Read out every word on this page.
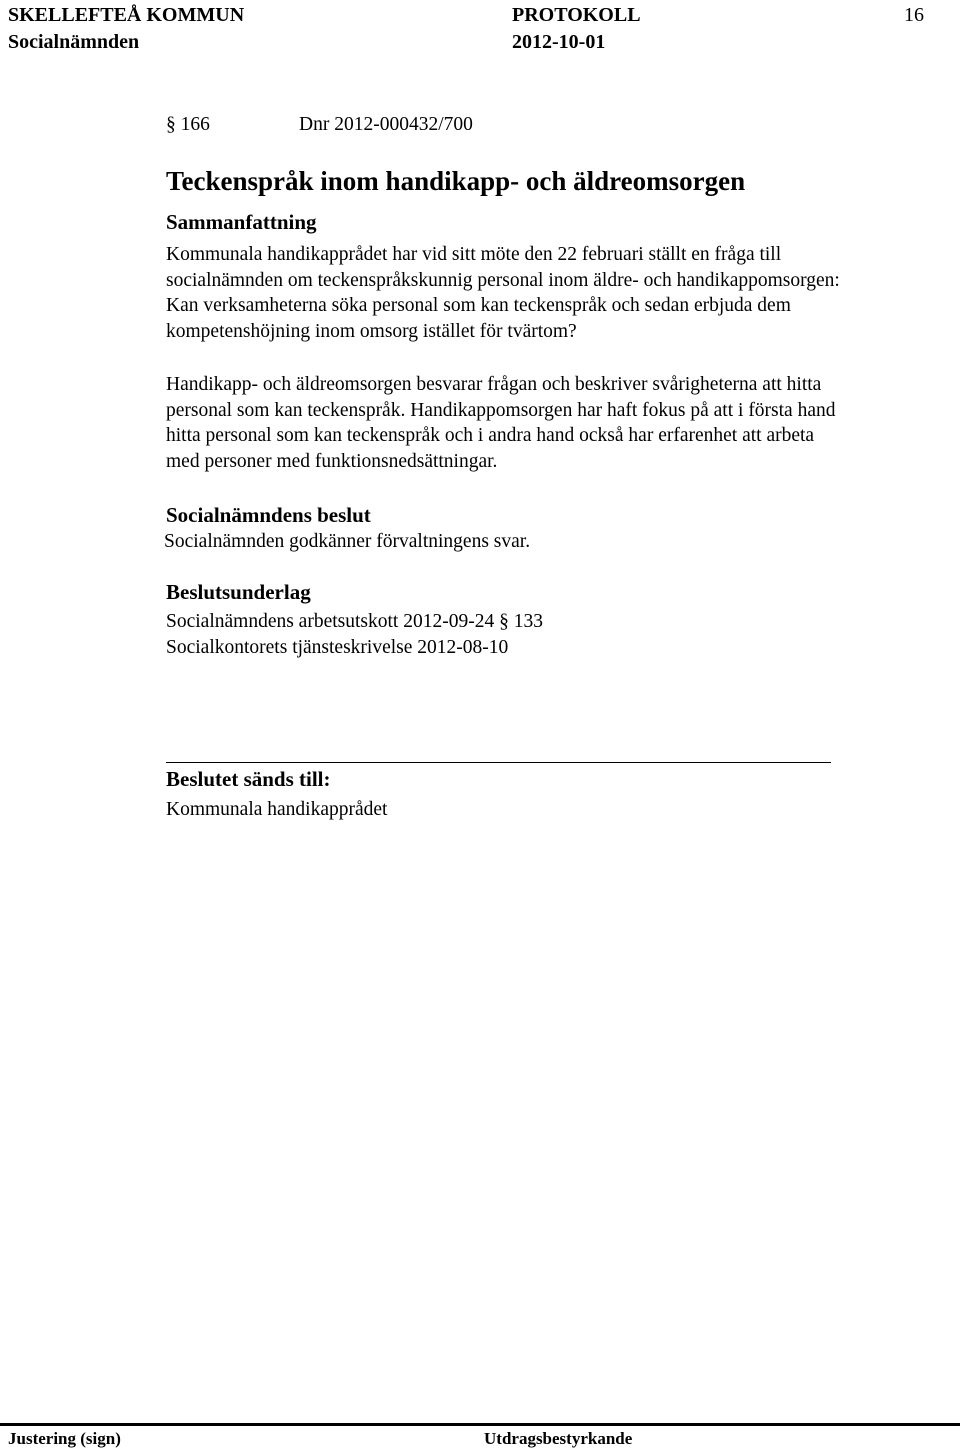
SKELLEFTEÅ KOMMUN	PROTOKOLL	16
Socialnämnden	2012-10-01
§ 166	Dnr 2012-000432/700
Teckenspråk inom handikapp- och äldreomsorgen
Sammanfattning
Kommunala handikapprådet har vid sitt möte den 22 februari ställt en fråga till
socialnämnden om teckenspråkskunnig personal inom äldre- och handikappomsorgen:
Kan verksamheterna söka personal som kan teckenspråk och sedan erbjuda dem
kompetenshöjning inom omsorg istället för tvärtom?
Handikapp- och äldreomsorgen besvarar frågan och beskriver svårigheterna att hitta
personal som kan teckenspråk. Handikappomsorgen har haft fokus på att i första hand
hitta personal som kan teckenspråk och i andra hand också har erfarenhet att arbeta
med personer med funktionsnedsättningar.
Socialnämndens beslut
Socialnämnden godkänner förvaltningens svar.
Beslutsunderlag
Socialnämndens arbetsutskott 2012-09-24 § 133
Socialkontorets tjänsteskrivelse 2012-08-10
Beslutet sänds till:
Kommunala handikapprådet
Justering (sign)	Utdragsbestyrkande
